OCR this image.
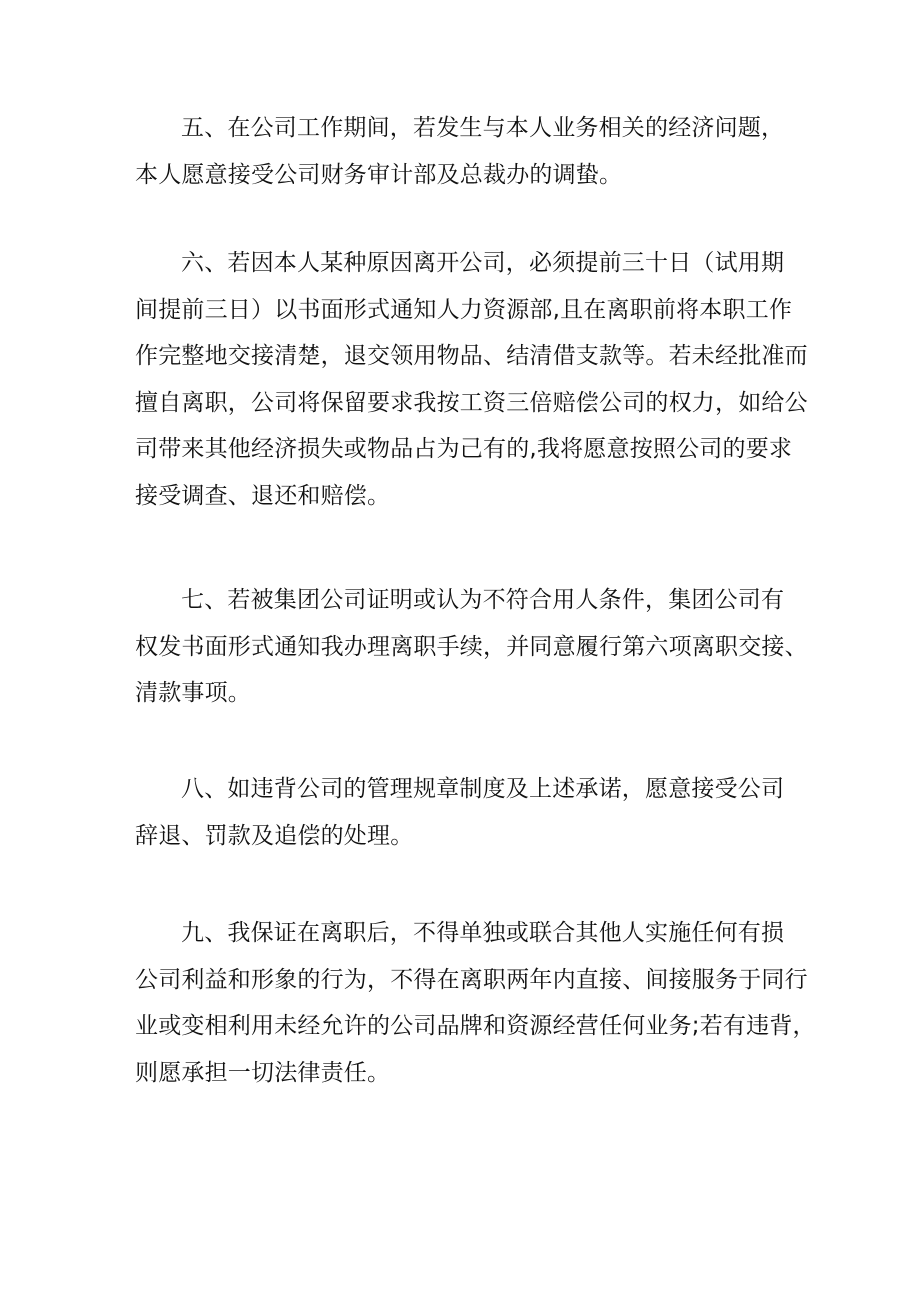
五、在公司工作期间，若发生与本人业务相关的经济问题，
本人愿意接受公司财务审计部及总裁办的调蛰。
六、若因本人某种原因离开公司，必须提前三十日（试用期
间提前三日）以书面形式通知人力资源部,且在离职前将本职工作
作完整地交接清楚，退交领用物品、结清借支款等。若未经批准而
擅自离职，公司将保留要求我按工资三倍赔偿公司的权力，如给公
司带来其他经济损失或物品占为己有的,我将愿意按照公司的要求
接受调查、退还和赔偿。
七、若被集团公司证明或认为不符合用人条件，集团公司有
权发书面形式通知我办理离职手续，并同意履行第六项离职交接、
清款事项。
八、如违背公司的管理规章制度及上述承诺，愿意接受公司
辞退、罚款及追偿的处理。
九、我保证在离职后，不得单独或联合其他人实施任何有损
公司利益和形象的行为，不得在离职两年内直接、间接服务于同行
业或变相利用未经允许的公司品牌和资源经营任何业务;若有违背，
则愿承担一切法律责任。
